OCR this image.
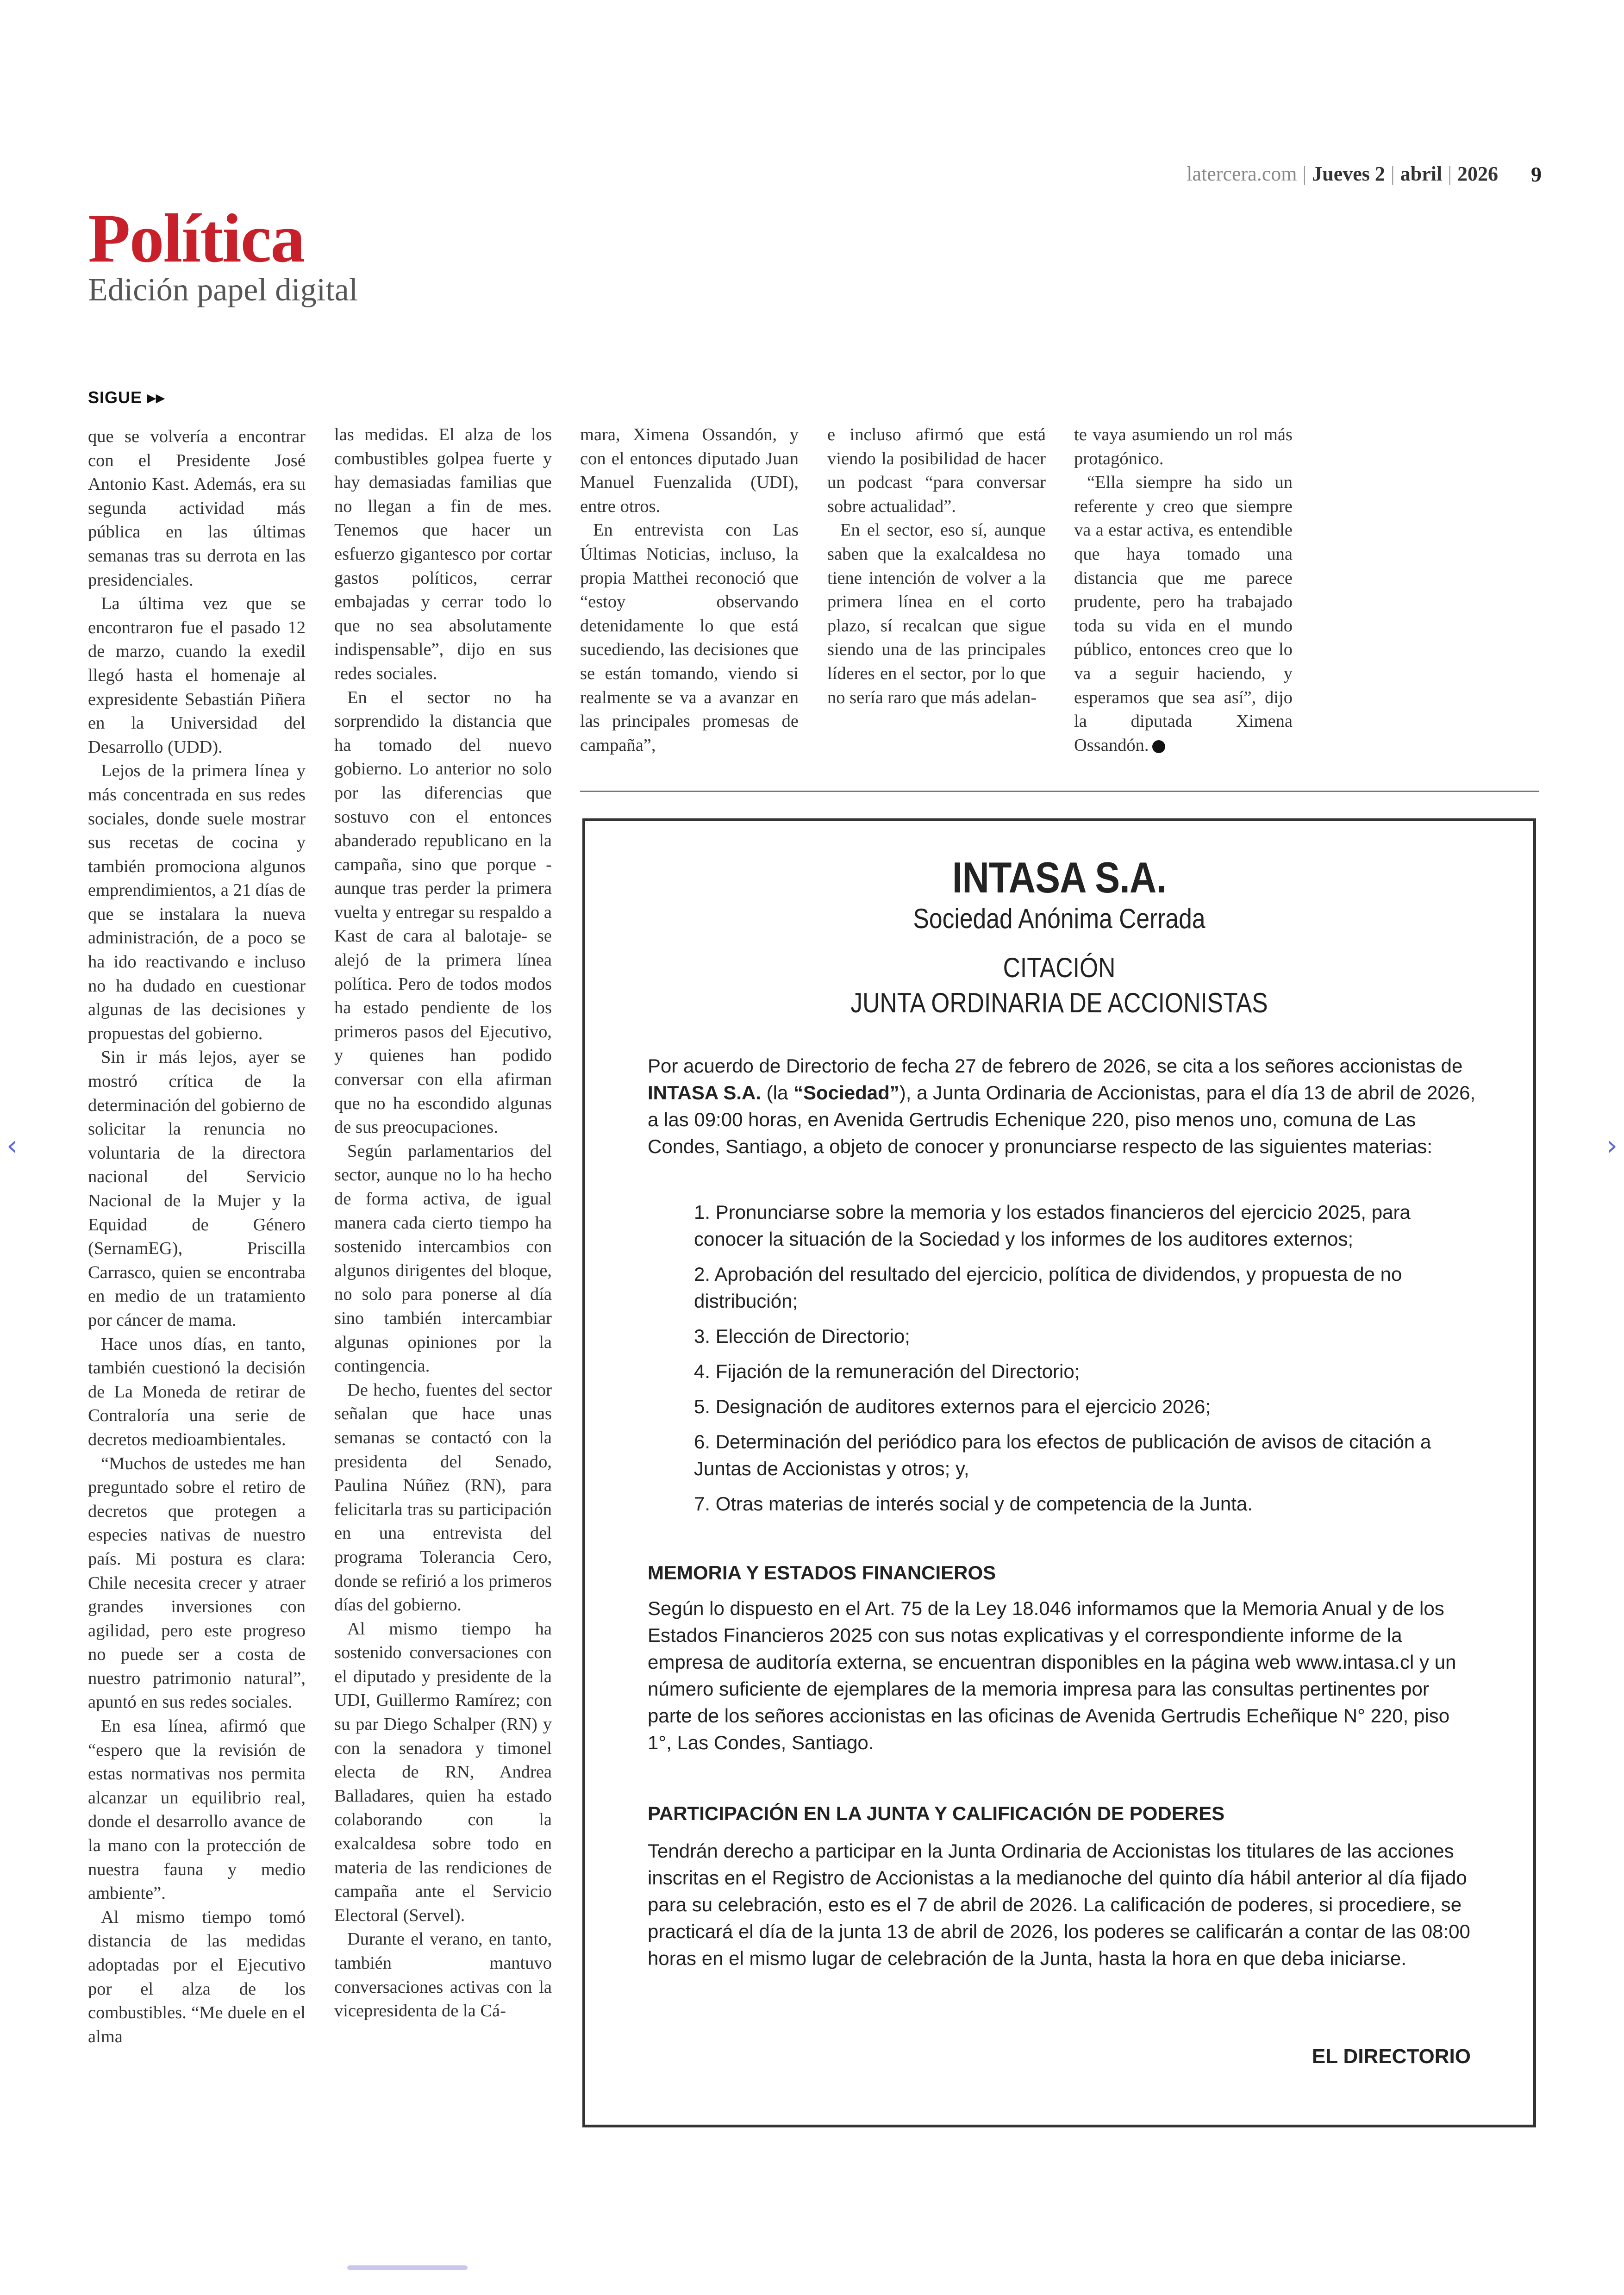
latercera.com | Jueves 2 | abril | 2026 9
Política
Edición papel digital
SIGUE ▸▸

que se volvería a encontrar con el Presidente José Antonio Kast. Además, era su segunda actividad más pública en las últimas semanas tras su derrota en las presidenciales.

La última vez que se encontraron fue el pasado 12 de marzo, cuando la exedil llegó hasta el homenaje al expresidente Sebastián Piñera en la Universidad del Desarrollo (UDD).

Lejos de la primera línea y más concentrada en sus redes sociales, donde suele mostrar sus recetas de cocina y también promociona algunos emprendimientos, a 21 días de que se instalara la nueva administración, de a poco se ha ido reactivando e incluso no ha dudado en cuestionar algunas de las decisiones y propuestas del gobierno.

Sin ir más lejos, ayer se mostró crítica de la determinación del gobierno de solicitar la renuncia no voluntaria de la directora nacional del Servicio Nacional de la Mujer y la Equidad de Género (SernamEG), Priscilla Carrasco, quien se encontraba en medio de un tratamiento por cáncer de mama.

Hace unos días, en tanto, también cuestionó la decisión de La Moneda de retirar de Contraloría una serie de decretos medioambientales.

“Muchos de ustedes me han preguntado sobre el retiro de decretos que protegen a especies nativas de nuestro país. Mi postura es clara: Chile necesita crecer y atraer grandes inversiones con agilidad, pero este progreso no puede ser a costa de nuestro patrimonio natural”, apuntó en sus redes sociales.

En esa línea, afirmó que “espero que la revisión de estas normativas nos permita alcanzar un equilibrio real, donde el desarrollo avance de la mano con la protección de nuestra fauna y medio ambiente”.

Al mismo tiempo tomó distancia de las medidas adoptadas por el Ejecutivo por el alza de los combustibles. “Me duele en el alma

las medidas. El alza de los combustibles golpea fuerte y hay demasiadas familias que no llegan a fin de mes. Tenemos que hacer un esfuerzo gigantesco por cortar gastos políticos, cerrar embajadas y cerrar todo lo que no sea absolutamente indispensable”, dijo en sus redes sociales.

En el sector no ha sorprendido la distancia que ha tomado del nuevo gobierno. Lo anterior no solo por las diferencias que sostuvo con el entonces abanderado republicano en la campaña, sino que porque -aunque tras perder la primera vuelta y entregar su respaldo a Kast de cara al balotaje- se alejó de la primera línea política. Pero de todos modos ha estado pendiente de los primeros pasos del Ejecutivo, y quienes han podido conversar con ella afirman que no ha escondido algunas de sus preocupaciones.

Según parlamentarios del sector, aunque no lo ha hecho de forma activa, de igual manera cada cierto tiempo ha sostenido intercambios con algunos dirigentes del bloque, no solo para ponerse al día sino también intercambiar algunas opiniones por la contingencia.

De hecho, fuentes del sector señalan que hace unas semanas se contactó con la presidenta del Senado, Paulina Núñez (RN), para felicitarla tras su participación en una entrevista del programa Tolerancia Cero, donde se refirió a los primeros días del gobierno.

Al mismo tiempo ha sostenido conversaciones con el diputado y presidente de la UDI, Guillermo Ramírez; con su par Diego Schalper (RN) y con la senadora y timonel electa de RN, Andrea Balladares, quien ha estado colaborando con la exalcaldesa sobre todo en materia de las rendiciones de campaña ante el Servicio Electoral (Servel).

Durante el verano, en tanto, también mantuvo conversaciones activas con la vicepresidenta de la Cá-

mara, Ximena Ossandón, y con el entonces diputado Juan Manuel Fuenzalida (UDI), entre otros.

En entrevista con Las Últimas Noticias, incluso, la propia Matthei reconoció que “estoy observando detenidamente lo que está sucediendo, las decisiones que se están tomando, viendo si realmente se va a avanzar en las principales promesas de campaña”,

e incluso afirmó que está viendo la posibilidad de hacer un podcast “para conversar sobre actualidad”.

En el sector, eso sí, aunque saben que la exalcaldesa no tiene intención de volver a la primera línea en el corto plazo, sí recalcan que sigue siendo una de las principales líderes en el sector, por lo que no sería raro que más adelan-

te vaya asumiendo un rol más protagónico.

“Ella siempre ha sido un referente y creo que siempre va a estar activa, es entendible que haya tomado una distancia que me parece prudente, pero ha trabajado toda su vida en el mundo público, entonces creo que lo va a seguir haciendo, y esperamos que sea así”, dijo la diputada Ximena Ossandón.

INTASA S.A.
Sociedad Anónima Cerrada
CITACIÓN
JUNTA ORDINARIA DE ACCIONISTAS
Por acuerdo de Directorio de fecha 27 de febrero de 2026, se cita a los señores accionistas de INTASA S.A. (la “Sociedad”), a Junta Ordinaria de Accionistas, para el día 13 de abril de 2026, a las 09:00 horas, en Avenida Gertrudis Echenique 220, piso menos uno, comuna de Las Condes, Santiago, a objeto de conocer y pronunciarse respecto de las siguientes materias:
1. Pronunciarse sobre la memoria y los estados financieros del ejercicio 2025, para conocer la situación de la Sociedad y los informes de los auditores externos;
2. Aprobación del resultado del ejercicio, política de dividendos, y propuesta de no distribución;
3. Elección de Directorio;
4. Fijación de la remuneración del Directorio;
5. Designación de auditores externos para el ejercicio 2026;
6. Determinación del periódico para los efectos de publicación de avisos de citación a Juntas de Accionistas y otros; y,
7. Otras materias de interés social y de competencia de la Junta.
MEMORIA Y ESTADOS FINANCIEROS
Según lo dispuesto en el Art. 75 de la Ley 18.046 informamos que la Memoria Anual y de los Estados Financieros 2025 con sus notas explicativas y el correspondiente informe de la empresa de auditoría externa, se encuentran disponibles en la página web www.intasa.cl y un número suficiente de ejemplares de la memoria impresa para las consultas pertinentes por parte de los señores accionistas en las oficinas de Avenida Gertrudis Echeñique N° 220, piso 1°, Las Condes, Santiago.
PARTICIPACIÓN EN LA JUNTA Y CALIFICACIÓN DE PODERES
Tendrán derecho a participar en la Junta Ordinaria de Accionistas los titulares de las acciones inscritas en el Registro de Accionistas a la medianoche del quinto día hábil anterior al día fijado para su celebración, esto es el 7 de abril de 2026. La calificación de poderes, si procediere, se practicará el día de la junta 13 de abril de 2026, los poderes se calificarán a contar de las 08:00 horas en el mismo lugar de celebración de la Junta, hasta la hora en que deba iniciarse.
EL DIRECTORIO
‹	›
